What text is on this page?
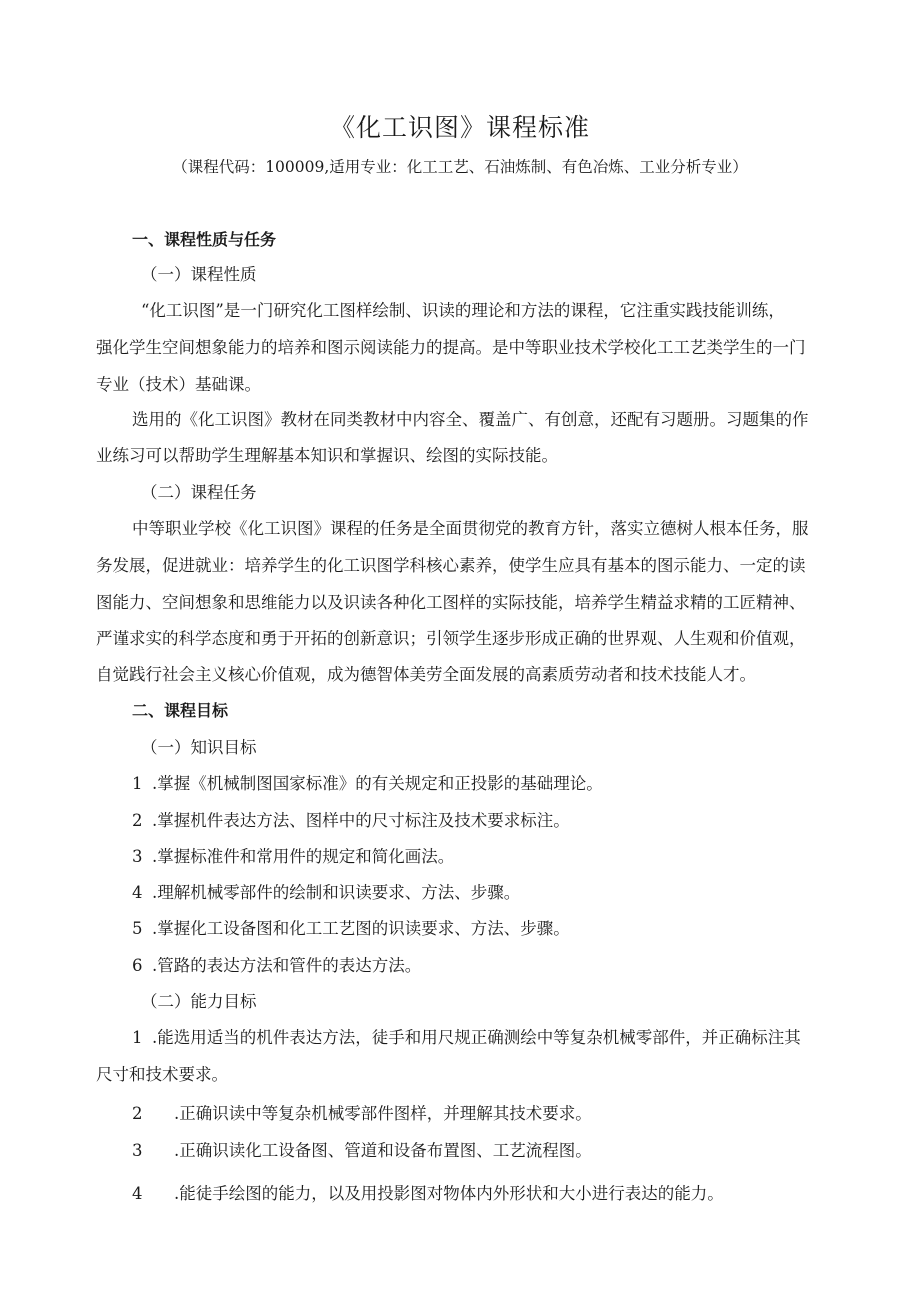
《化工识图》课程标准
（课程代码：100009,适用专业：化工工艺、石油炼制、有色冶炼、工业分析专业）
一、课程性质与任务
（一）课程性质
“化工识图”是一门研究化工图样绘制、识读的理论和方法的课程，它注重实践技能训练，
强化学生空间想象能力的培养和图示阅读能力的提高。是中等职业技术学校化工工艺类学生的一门
专业（技术）基础课。
选用的《化工识图》教材在同类教材中内容全、覆盖广、有创意，还配有习题册。习题集的作
业练习可以帮助学生理解基本知识和掌握识、绘图的实际技能。
（二）课程任务
中等职业学校《化工识图》课程的任务是全面贯彻党的教育方针，落实立德树人根本任务，服
务发展，促进就业：培养学生的化工识图学科核心素养，使学生应具有基本的图示能力、一定的读
图能力、空间想象和思维能力以及识读各种化工图样的实际技能，培养学生精益求精的工匠精神、
严谨求实的科学态度和勇于开拓的创新意识；引领学生逐步形成正确的世界观、人生观和价值观，
自觉践行社会主义核心价值观，成为德智体美劳全面发展的高素质劳动者和技术技能人才。
二、课程目标
（一）知识目标
1 .掌握《机械制图国家标准》的有关规定和正投影的基础理论。
2 .掌握机件表达方法、图样中的尺寸标注及技术要求标注。
3 .掌握标准件和常用件的规定和简化画法。
4 .理解机械零部件的绘制和识读要求、方法、步骤。
5 .掌握化工设备图和化工工艺图的识读要求、方法、步骤。
6 .管路的表达方法和管件的表达方法。
（二）能力目标
1 .能选用适当的机件表达方法，徒手和用尺规正确测绘中等复杂机械零部件，并正确标注其
尺寸和技术要求。
2 .正确识读中等复杂机械零部件图样，并理解其技术要求。
3 .正确识读化工设备图、管道和设备布置图、工艺流程图。
4 .能徒手绘图的能力，以及用投影图对物体内外形状和大小进行表达的能力。
